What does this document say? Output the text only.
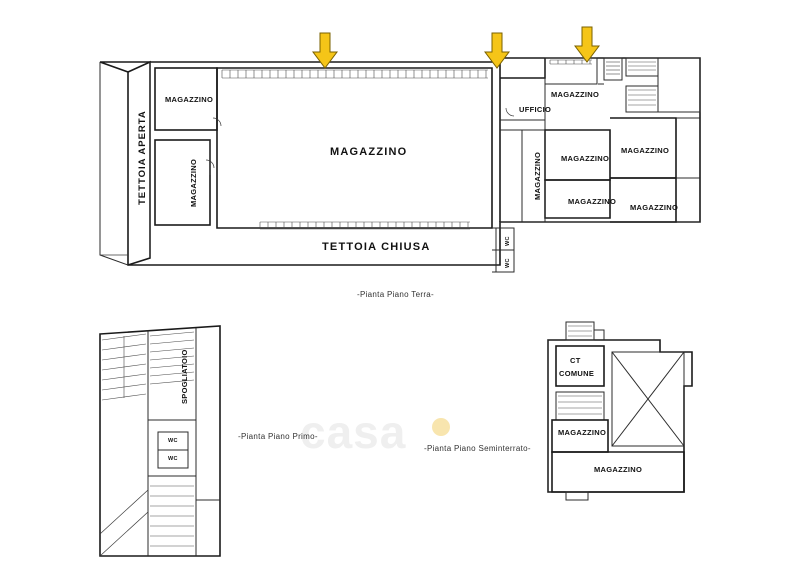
casa
TETTOIA APERTA
MAGAZZINO
MAGAZZINO
MAGAZZINO
TETTOIA CHIUSA
UFFICIO
MAGAZZINO
MAGAZZINO	MAGAZZINO
MAGAZZINO
MAGAZZINO
MAGAZZINO
WC
WC
-Pianta Piano Terra-
SPOGLIATOIO
WC
WC
-Pianta Piano Primo-
CT
COMUNE
MAGAZZINO
MAGAZZINO
-Pianta Piano Seminterrato-
